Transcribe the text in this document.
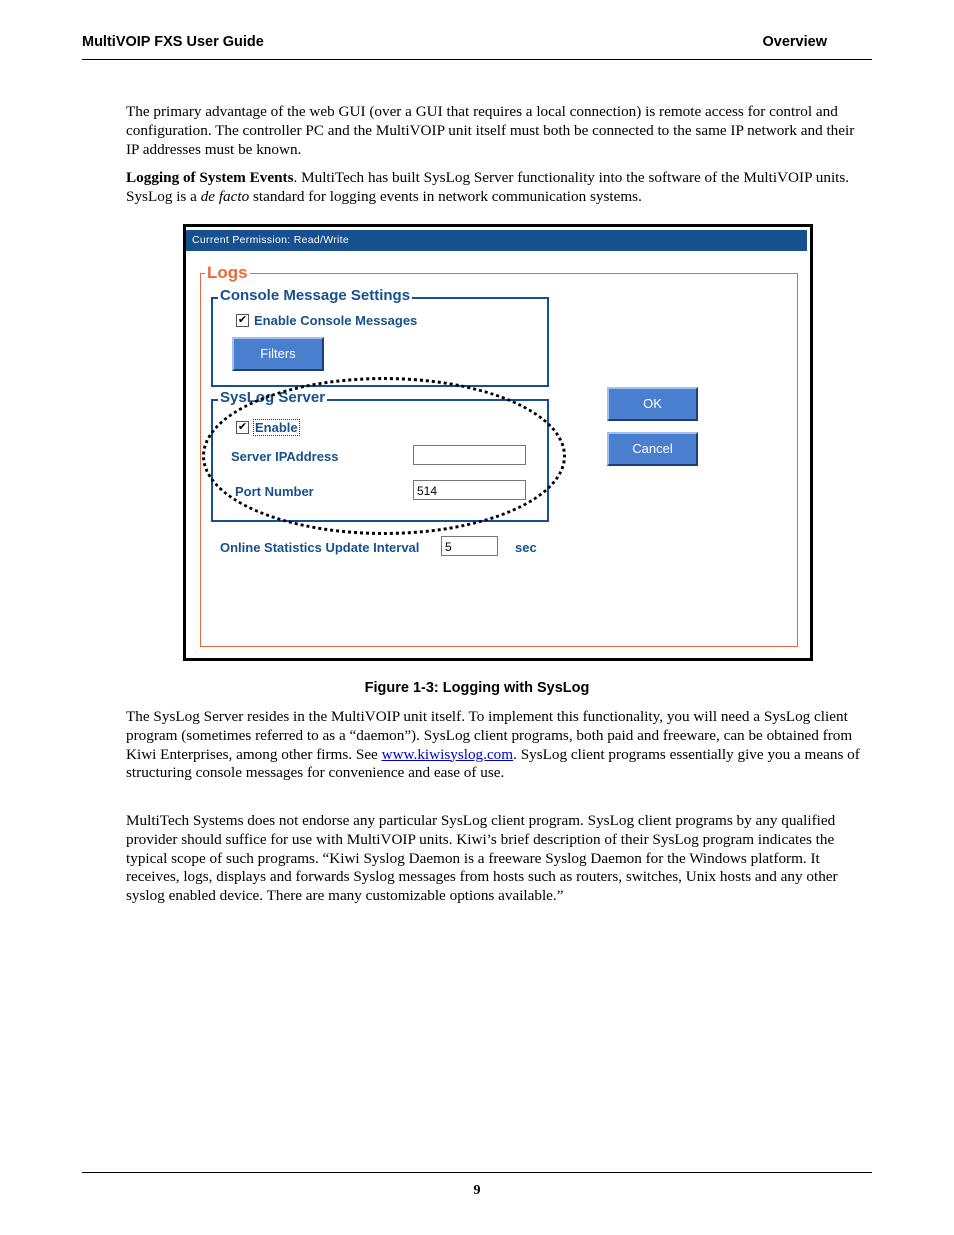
MultiVOIP FXS User Guide	Overview

The primary advantage of the web GUI (over a GUI that requires a local connection) is remote access for control and configuration. The controller PC and the MultiVOIP unit itself must both be connected to the same IP network and their IP addresses must be known.

Logging of System Events. MultiTech has built SysLog Server functionality into the software of the MultiVOIP units. SysLog is a de facto standard for logging events in network communication systems.

Current Permission: Read/Write
Logs
Console Message Settings
✔ Enable Console Messages
Filters
SysLog Server
✔ Enable
Server IPAddress
Port Number	514
Online Statistics Update Interval	5	sec
OK
Cancel
Figure 1-3: Logging with SysLog

The SysLog Server resides in the MultiVOIP unit itself. To implement this functionality, you will need a SysLog client program (sometimes referred to as a “daemon”). SysLog client programs, both paid and freeware, can be obtained from Kiwi Enterprises, among other firms. See www.kiwisyslog.com. SysLog client programs essentially give you a means of structuring console messages for convenience and ease of use.

MultiTech Systems does not endorse any particular SysLog client program. SysLog client programs by any qualified provider should suffice for use with MultiVOIP units. Kiwi’s brief description of their SysLog program indicates the typical scope of such programs. “Kiwi Syslog Daemon is a freeware Syslog Daemon for the Windows platform. It receives, logs, displays and forwards Syslog messages from hosts such as routers, switches, Unix hosts and any other syslog enabled device. There are many customizable options available.”

9
